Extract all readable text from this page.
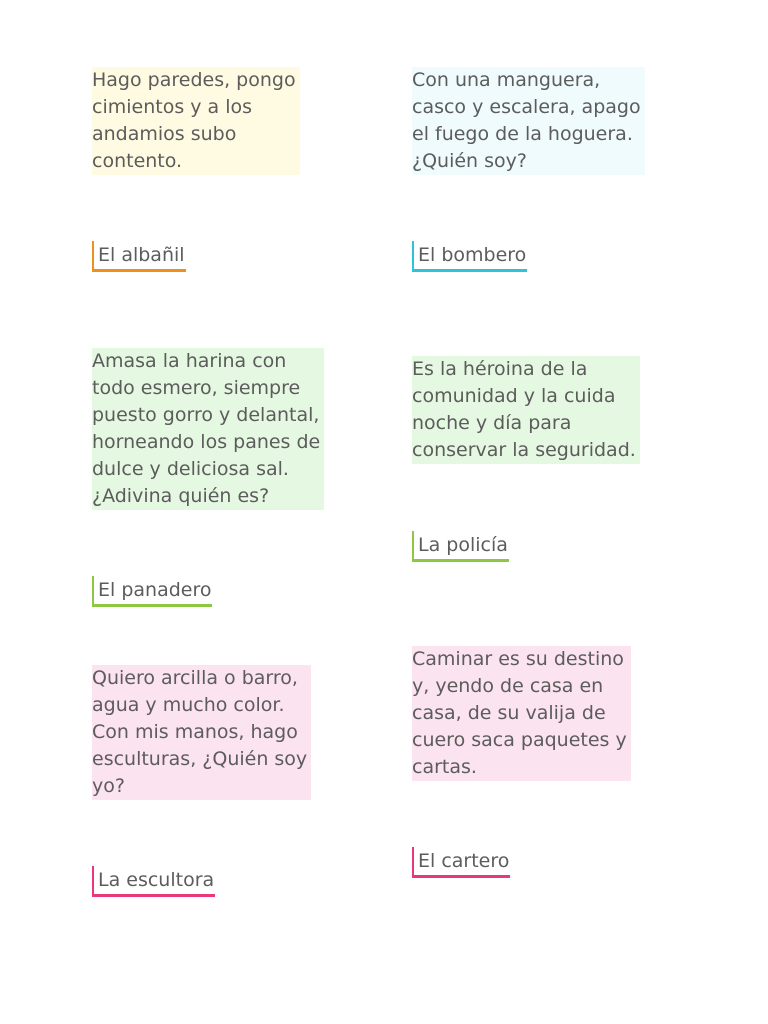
Hago paredes, pongo
cimientos y a los
andamios subo
contento.
El albañil
Con una manguera,
casco y escalera, apago
el fuego de la hoguera.
¿Quién soy?
El bombero
Amasa la harina con
todo esmero, siempre
puesto gorro y delantal,
horneando los panes de
dulce y deliciosa sal.
¿Adivina quién es?
El panadero
Es la héroina de la
comunidad y la cuida
noche y día para
conservar la seguridad.
La policía
Quiero arcilla o barro,
agua y mucho color.
Con mis manos, hago
esculturas, ¿Quién soy
yo?
La escultora
Caminar es su destino
y, yendo de casa en
casa, de su valija de
cuero saca paquetes y
cartas.
El cartero
